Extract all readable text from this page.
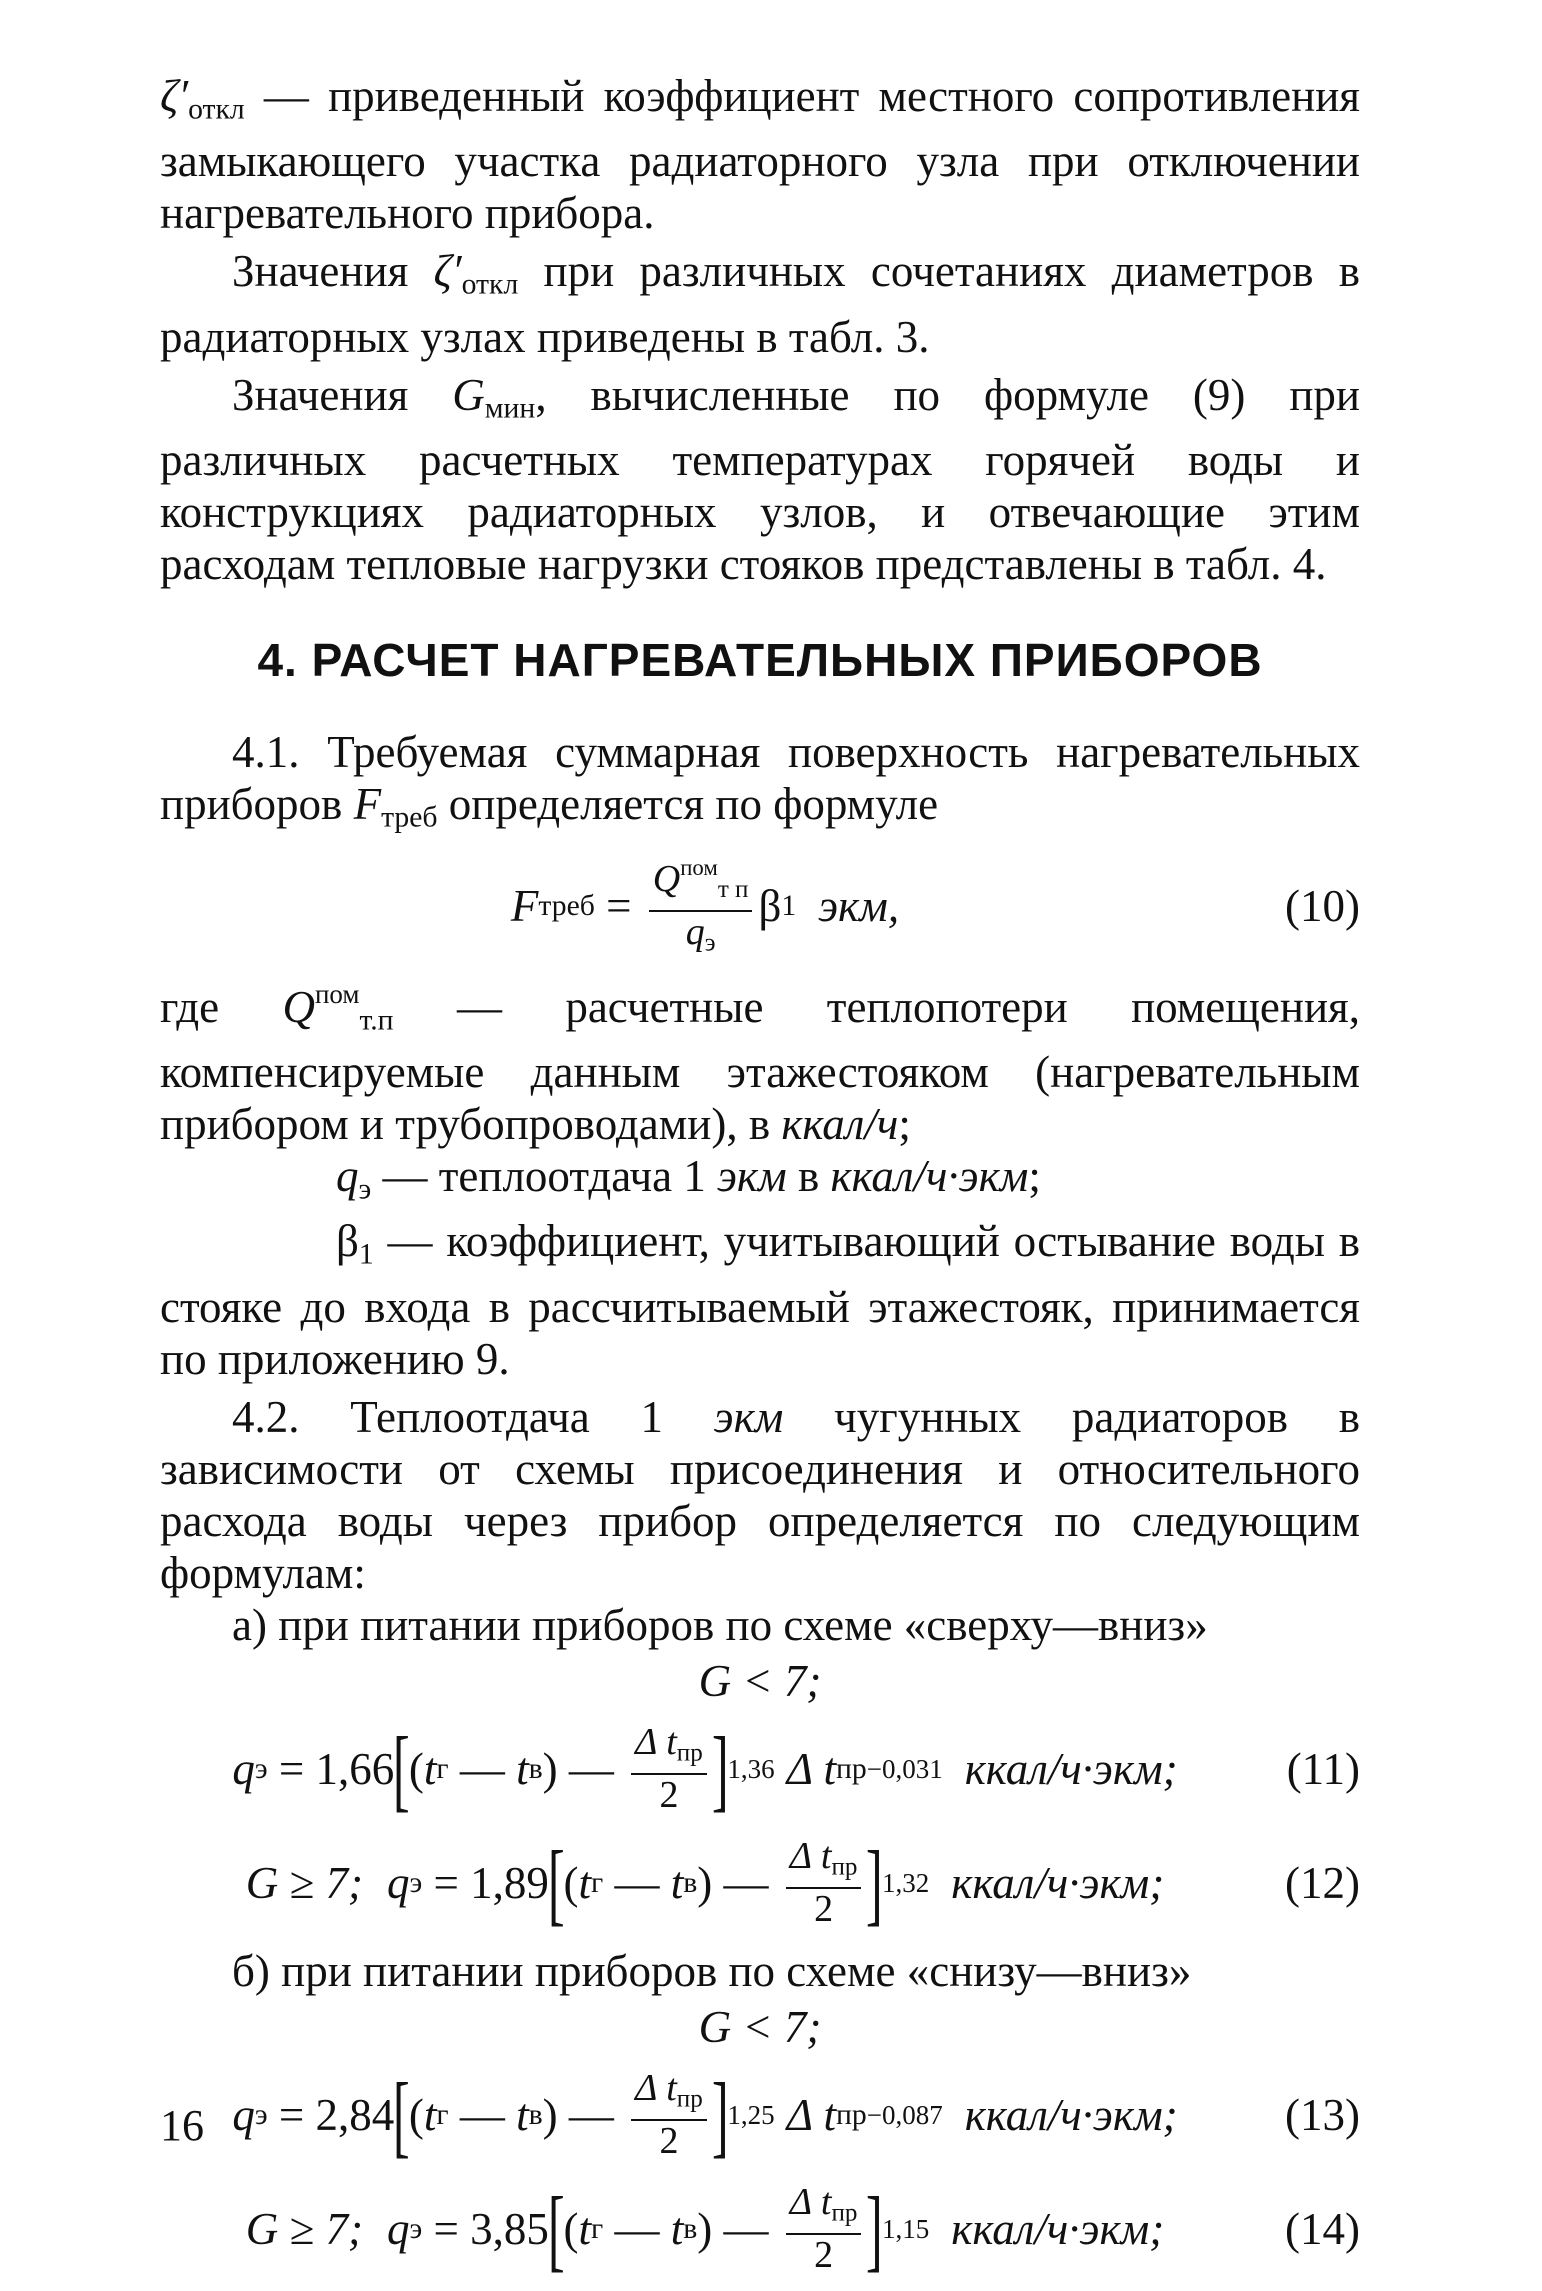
$\zeta'_{откл}$ — приведенный коэффициент местного сопротивления замыкающего участка радиаторного узла при отключении нагревательного прибора.

Значения $\zeta'_{откл}$ при различных сочетаниях диаметров в радиаторных узлах приведены в табл. 3.

Значения $G_{мин}$, вычисленные по формуле (9) при различных расчетных температурах горячей воды и конструкциях радиаторных узлов, и отвечающие этим расходам тепловые нагрузки стояков представлены в табл. 4.

4. РАСЧЕТ НАГРЕВАТЕЛЬНЫХ ПРИБОРОВ

4.1. Требуемая суммарная поверхность нагревательных приборов $F_{треб}$ определяется по формуле

F треб = $\frac{Q^{пом}_{т п}}{q_э}$ β 1 экм,	(10)

где $Q^{пом}_{т.п}$ — расчетные теплопотери помещения, компенсируемые данным этажестояком (нагревательным прибором и трубопроводами), в ккал/ч;

$q_э$ — теплоотдача 1 экм в ккал/ч·экм;

$\beta_1$ — коэффициент, учитывающий остывание воды в стояке до входа в рассчитываемый этажестояк, принимается по приложению 9.

4.2. Теплоотдача 1 экм чугунных радиаторов в зависимости от схемы присоединения и относительного расхода воды через прибор определяется по следующим формулам:

а) при питании приборов по схеме «сверху—вниз»

G < 7;
q э = 1,66
[
( t г — t в ) — $\frac{\Delta t_{пр}}{2}$ ]
1,36 Δ t пр −0,031 ккал/ч·экм; (11)
G ≥ 7; q э = 1,89
[
( t г — t в ) — $\frac{\Delta t_{пр}}{2}$ ]
1,32 ккал/ч·экм;	(12)

б) при питании приборов по схеме «снизу—вниз»

G < 7;
q э = 2,84
[
( t г — t в ) — $\frac{\Delta t_{пр}}{2}$ ]
1,25 Δ t пр −0,087 ккал/ч·экм; (13)
G ≥ 7; q э = 3,85
[
( t г — t в ) — $\frac{\Delta t_{пр}}{2}$ ]
1,15 ккал/ч·экм;	(14)
16
